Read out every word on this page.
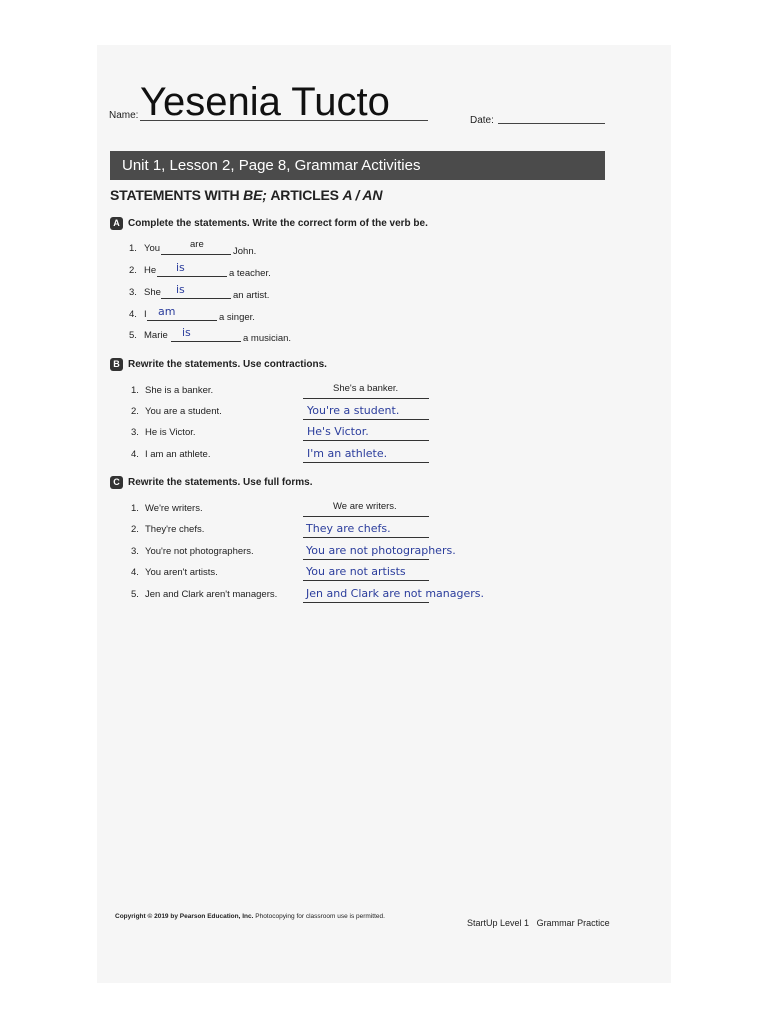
Name: Yesenia Tucto	Date:
Unit 1, Lesson 2, Page 8, Grammar Activities
STATEMENTS WITH BE; ARTICLES A / AN
A Complete the statements. Write the correct form of the verb be.
1. You	are
John.
2. He is	a teacher.
3. She is	an artist.
4. I am	a singer.
5. Marie is	a musician.
B Rewrite the statements. Use contractions.
1. She is a banker.	She's a banker.
2. You are a student.	You're a student.
3. He is Victor.	He's Victor.
4. I am an athlete.	I'm an athlete.
C Rewrite the statements. Use full forms.
1. We're writers.	We are writers.
2. They're chefs.	They are chefs.
3. You're not photographers.	You are not photographers.
4. You aren't artists.	You are not artists
5. Jen and Clark aren't managers.	Jen and Clark are not managers.
Copyright © 2019 by Pearson Education, Inc. Photocopying for classroom use is permitted.
StartUp Level 1 Grammar Practice
